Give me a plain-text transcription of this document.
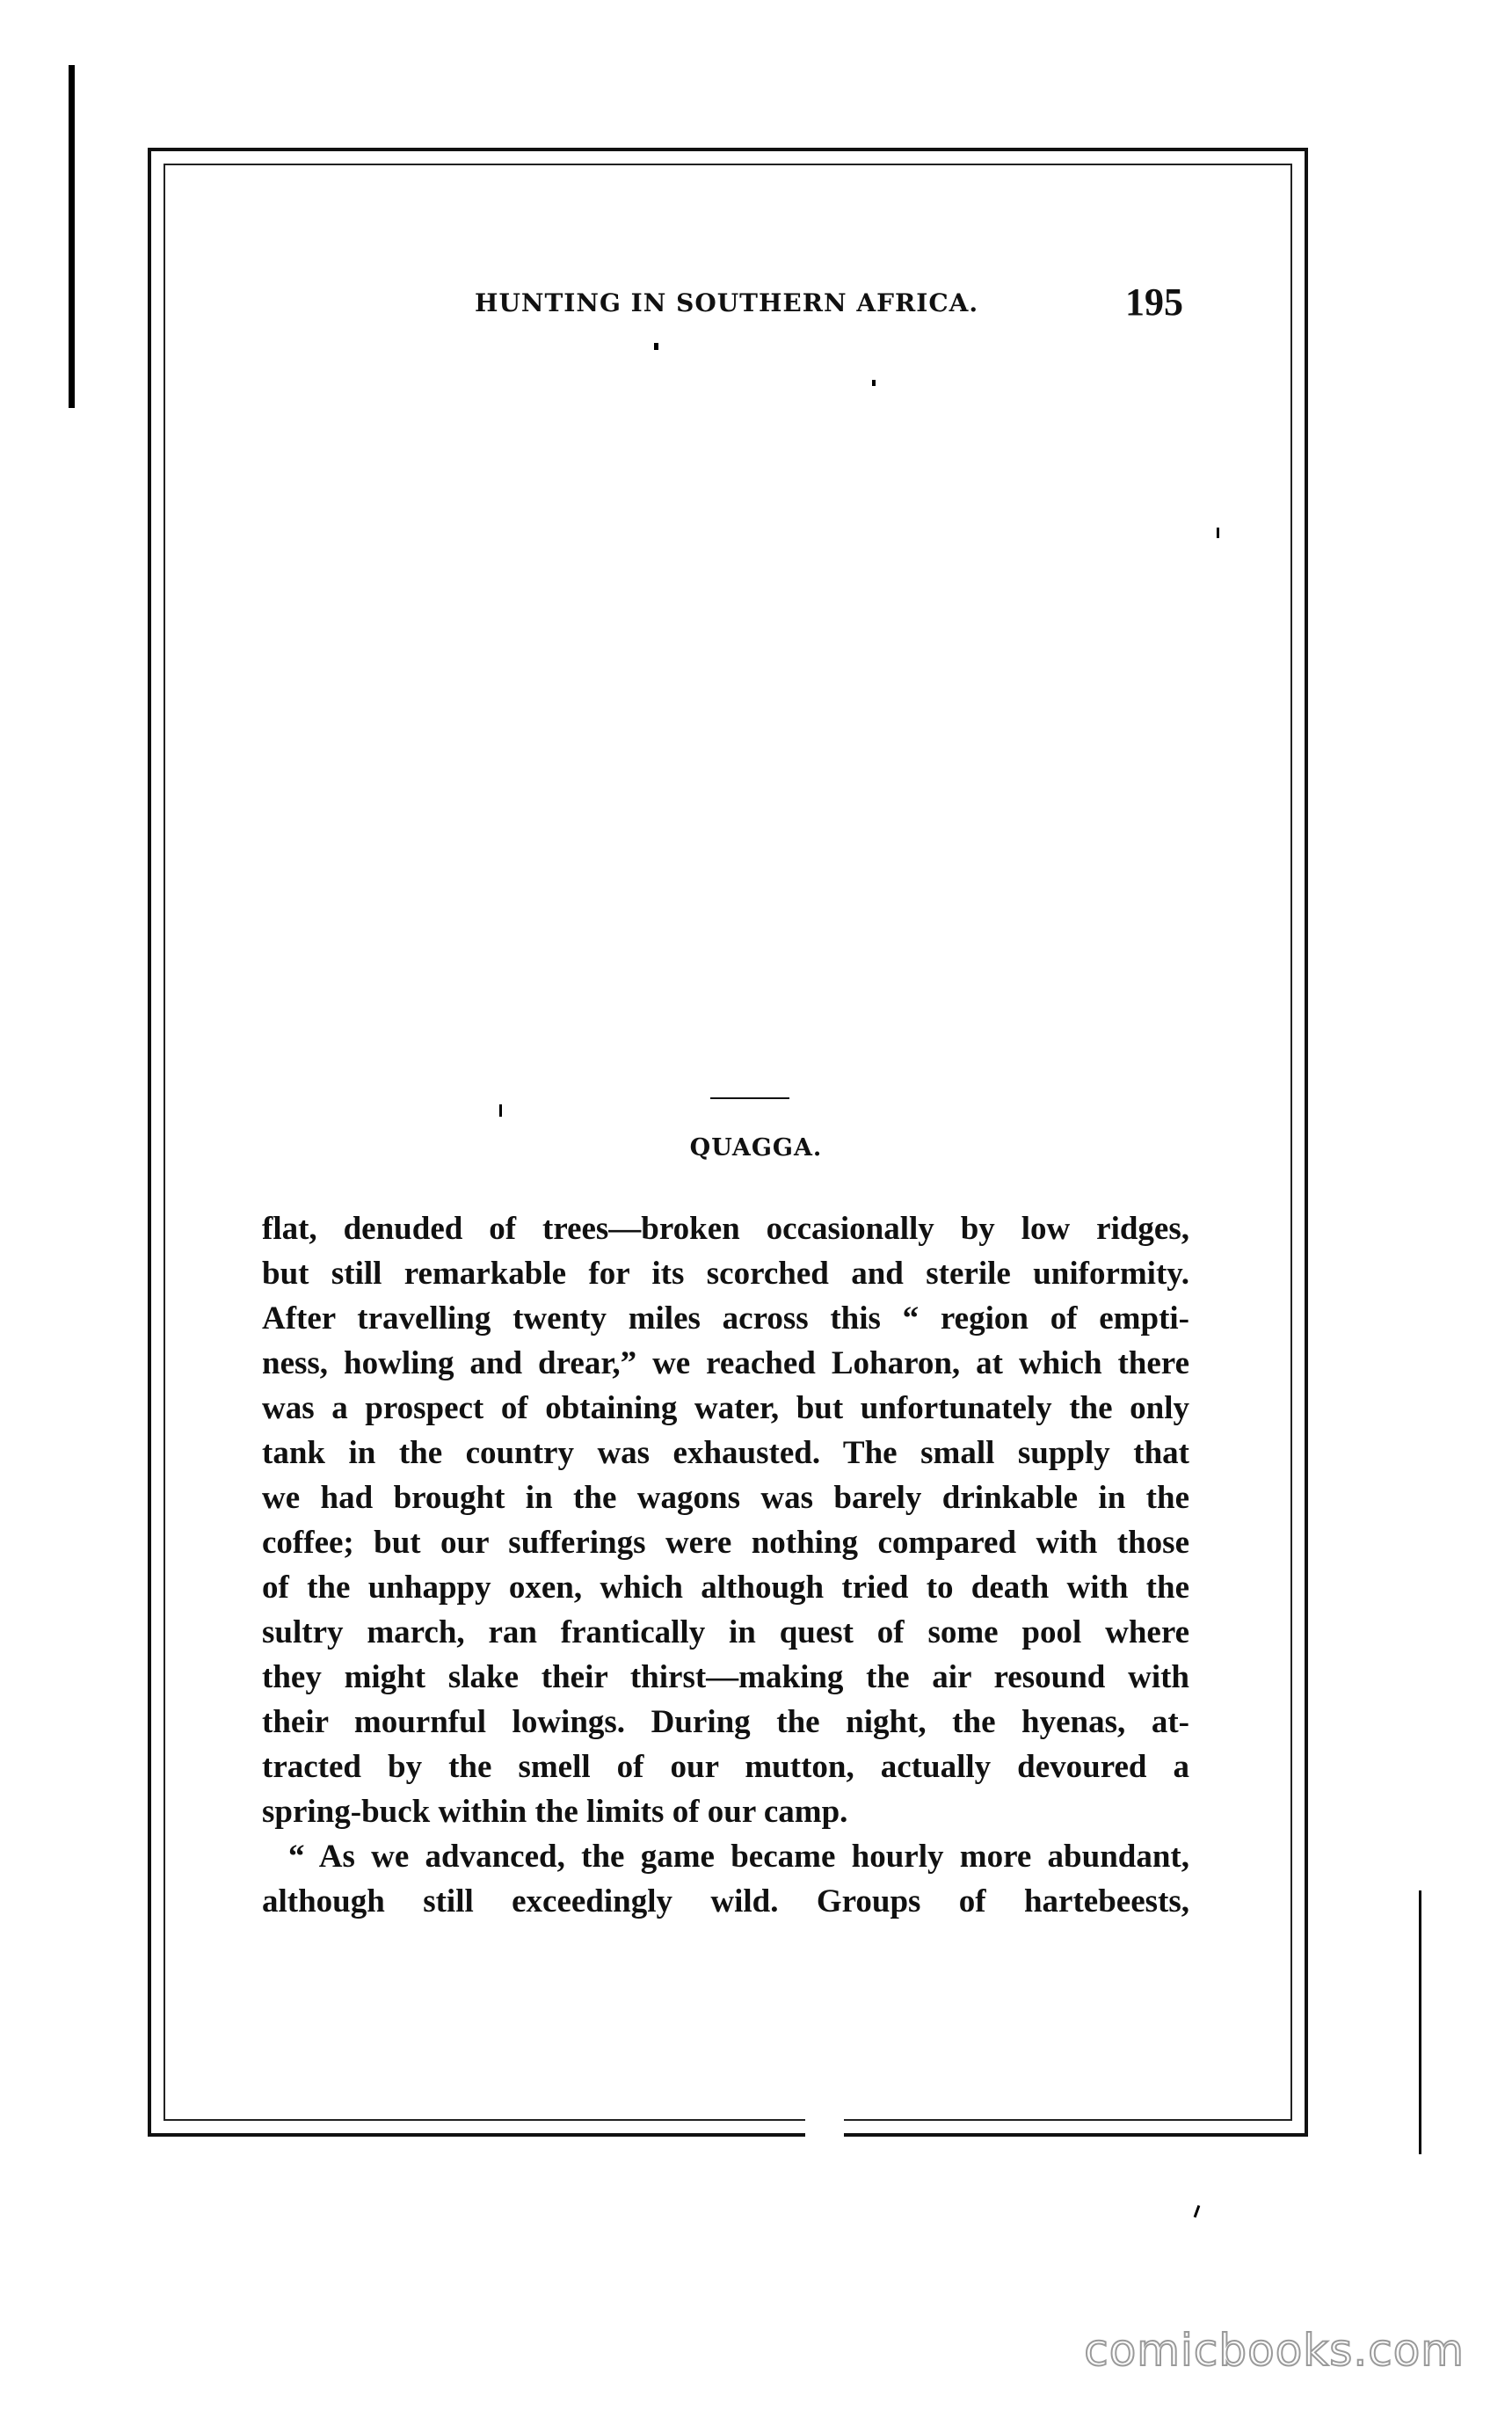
HUNTING IN SOUTHERN AFRICA.	195
QUAGGA.
flat, denuded of trees—broken occasionally by low ridges,
but still remarkable for its scorched and sterile uniformity.
After travelling twenty miles across this “ region of empti-
ness, howling and drear,” we reached Loharon, at which there
was a prospect of obtaining water, but unfortunately the only
tank in the country was exhausted. The small supply that
we had brought in the wagons was barely drinkable in the
coffee; but our sufferings were nothing compared with those
of the unhappy oxen, which although tried to death with the
sultry march, ran frantically in quest of some pool where
they might slake their thirst—making the air resound with
their mournful lowings. During the night, the hyenas, at-
tracted by the smell of our mutton, actually devoured a
spring-buck within the limits of our camp.
“ As we advanced, the game became hourly more abundant,
although still exceedingly wild. Groups of hartebeests,
comicbooks.com
